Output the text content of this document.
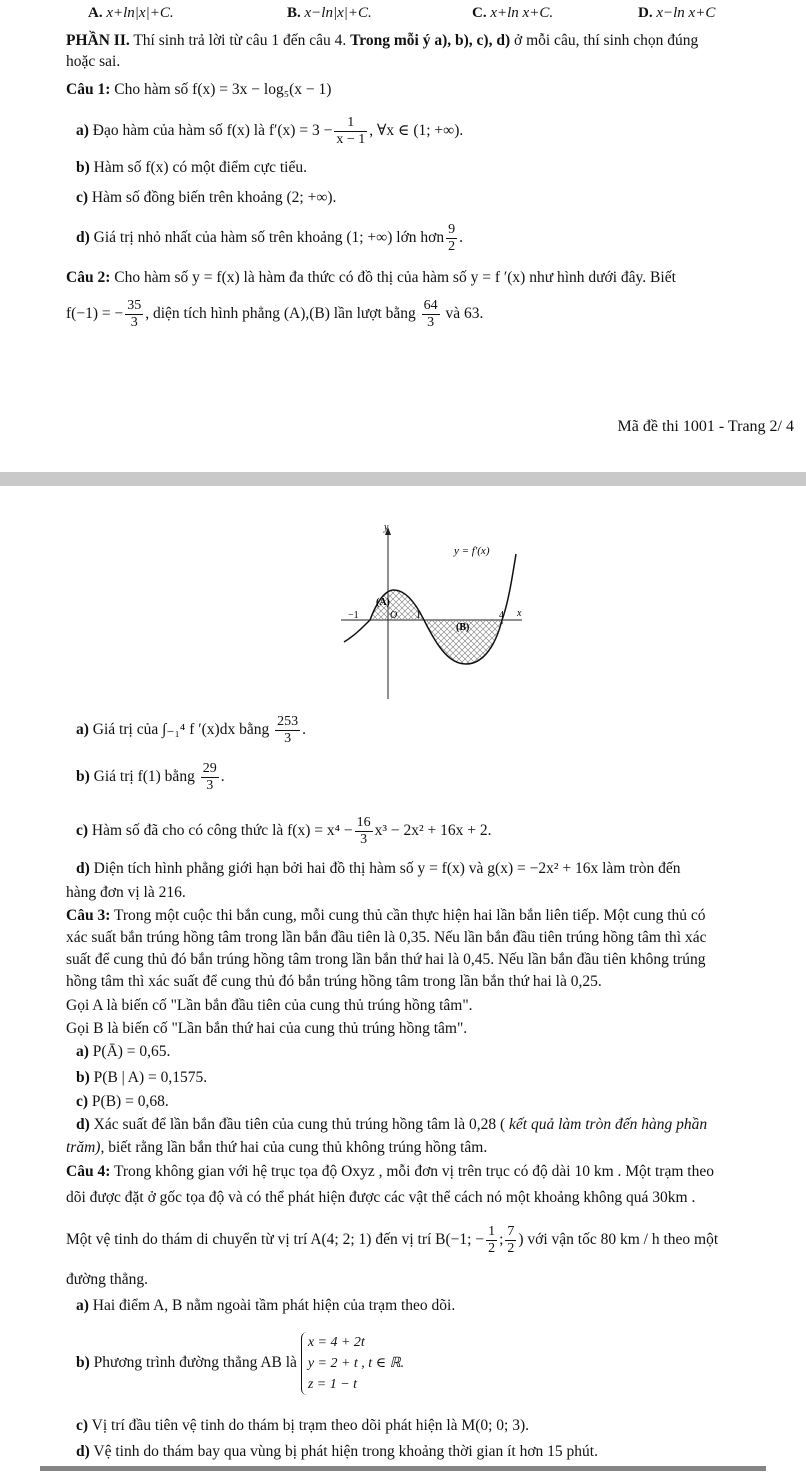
A. x+ln|x|+C.	B. x−ln|x|+C.	C. x+ln x+C.	D. x−ln x+C
PHẦN II. Thí sinh trả lời từ câu 1 đến câu 4. Trong mỗi ý a), b), c), d) ở mỗi câu, thí sinh chọn đúng
hoặc sai.
Câu 1: Cho hàm số f(x) = 3x − log₅(x − 1)
a) Đạo hàm của hàm số f(x) là $f'(x) = 3 - \frac{1}{x - 1}$ , ∀x ∈ (1; +∞).
b) Hàm số f(x) có một điểm cực tiểu.
c) Hàm số đồng biến trên khoảng (2; +∞).
d) Giá trị nhỏ nhất của hàm số trên khoảng (1; +∞) lớn hơn $\frac{9}{2}$ .
Câu 2: Cho hàm số y = f(x) là hàm đa thức có đồ thị của hàm số y = f ′(x) như hình dưới đây. Biết
f(−1) = − $\frac{35}{3}$ , diện tích hình phẳng (A),(B) lần lượt bằng $\frac{64}{3}$ và 63.
Mã đề thi 1001 - Trang 2/ 4
y
y = f′(x)
x
(A)
(B)
−1	O 1	4
a) Giá trị của ∫₋₁⁴ f ′(x)dx bằng $\frac{253}{3}$ .
b) Giá trị f(1) bằng $\frac{29}{3}$ .
c) Hàm số đã cho có công thức là $f(x) = x^4 - \frac{16}{3} x^3 - 2x^2 + 16x + 2$.
d) Diện tích hình phẳng giới hạn bởi hai đồ thị hàm số y = f(x) và g(x) = −2x² + 16x làm tròn đến
hàng đơn vị là 216.
Câu 3: Trong một cuộc thi bắn cung, mỗi cung thủ cần thực hiện hai lần bắn liên tiếp. Một cung thủ có
xác suất bắn trúng hồng tâm trong lần bắn đầu tiên là 0,35. Nếu lần bắn đầu tiên trúng hồng tâm thì xác
suất để cung thủ đó bắn trúng hồng tâm trong lần bắn thứ hai là 0,45. Nếu lần bắn đầu tiên không trúng
hồng tâm thì xác suất để cung thủ đó bắn trúng hồng tâm trong lần bắn thứ hai là 0,25.
Gọi A là biến cố "Lần bắn đầu tiên của cung thủ trúng hồng tâm".
Gọi B là biến cố "Lần bắn thứ hai của cung thủ trúng hồng tâm".
a) P(Ā) = 0,65.
b) P(B | A) = 0,1575.
c) P(B) = 0,68.
d) Xác suất để lần bắn đầu tiên của cung thủ trúng hồng tâm là 0,28 ( kết quả làm tròn đến hàng phần
trăm), biết rằng lần bắn thứ hai của cung thủ không trúng hồng tâm.
Câu 4: Trong không gian với hệ trục tọa độ Oxyz , mỗi đơn vị trên trục có độ dài 10 km . Một trạm theo
dõi được đặt ở gốc tọa độ và có thể phát hiện được các vật thể cách nó một khoảng không quá 30km .
Một vệ tinh do thám di chuyển từ vị trí A(4; 2; 1) đến vị trí B(−1; − $\frac{1}{2}$ ; $\frac{7}{2}$ ) với vận tốc 80 km / h theo một
đường thẳng.
a) Hai điểm A, B nằm ngoài tầm phát hiện của trạm theo dõi.
b) Phương trình đường thẳng AB là
x = 4 + 2t
y = 2 + t , t ∈ ℝ.
z = 1 − t
c) Vị trí đầu tiên vệ tinh do thám bị trạm theo dõi phát hiện là M(0; 0; 3).
d) Vệ tinh do thám bay qua vùng bị phát hiện trong khoảng thời gian ít hơn 15 phút.
